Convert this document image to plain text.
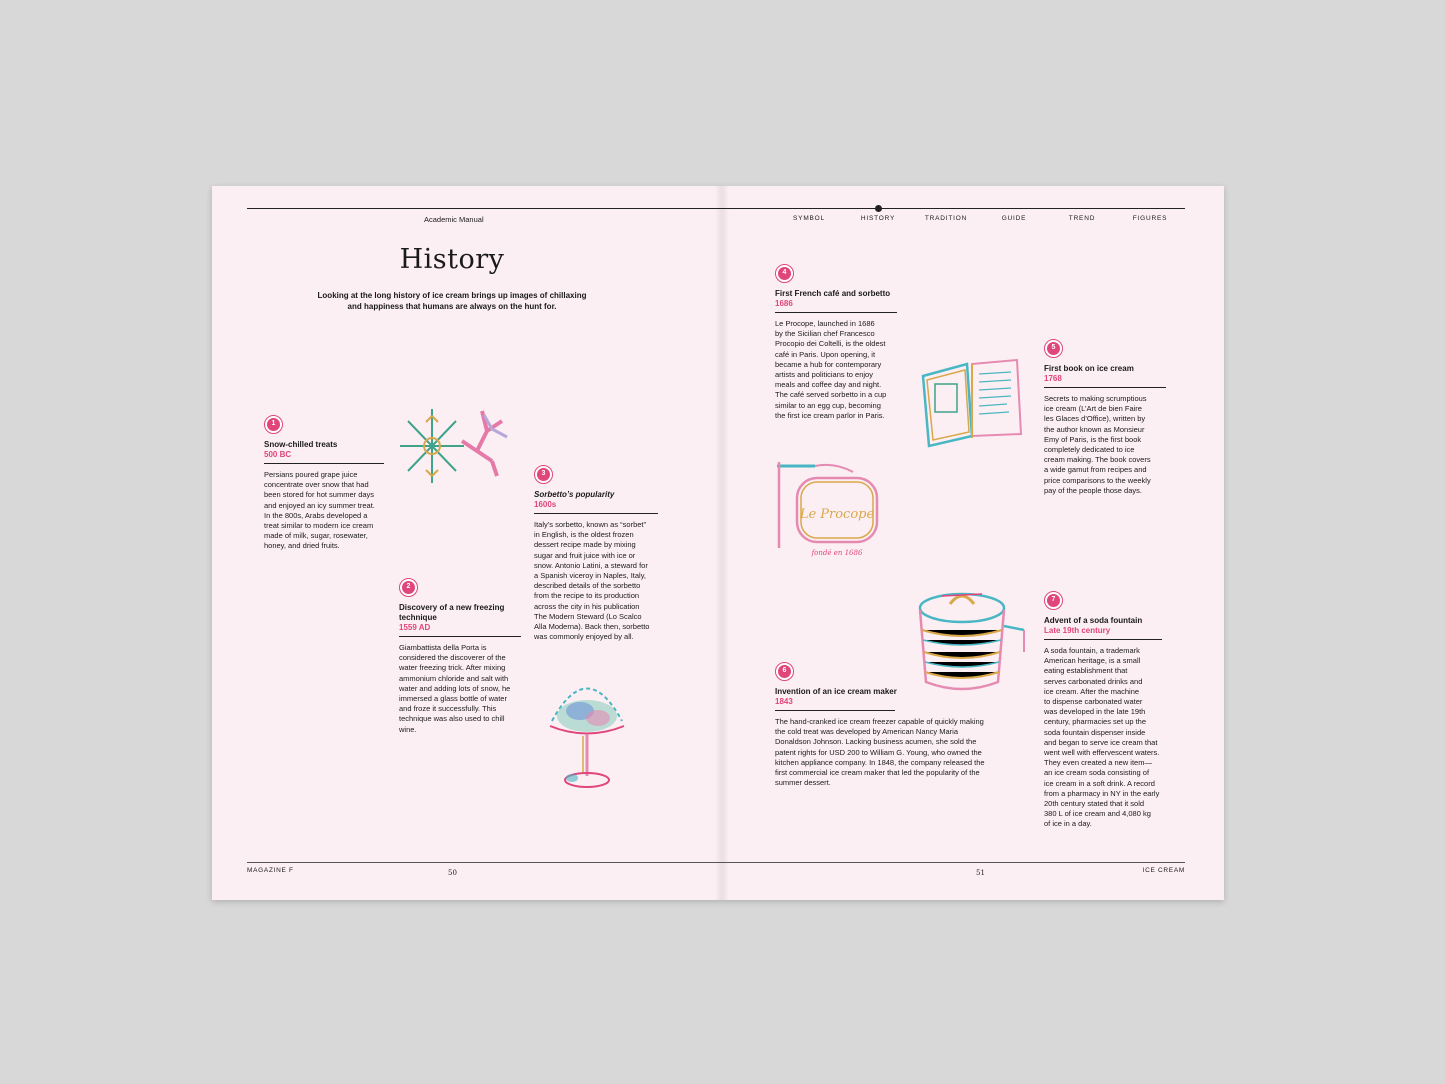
Academic Manual	SYMBOL	HISTORY	TRADITION	GUIDE	TREND	FIGURES
History
Looking at the long history of ice cream brings up images of chillaxing
and happiness that humans are always on the hunt for.
1
Snow-chilled treats
500 BC
Persians poured grape juice
concentrate over snow that had
been stored for hot summer days
and enjoyed an icy summer treat.
In the 800s, Arabs developed a
treat similar to modern ice cream
made of milk, sugar, rosewater,
honey, and dried fruits.
2
Discovery of a new freezing technique
1559 AD
Giambattista della Porta is
considered the discoverer of the
water freezing trick. After mixing
ammonium chloride and salt with
water and adding lots of snow, he
immersed a glass bottle of water
and froze it successfully. This
technique was also used to chill
wine.
3
Sorbetto’s popularity
1600s
Italy’s sorbetto, known as “sorbet”
in English, is the oldest frozen
dessert recipe made by mixing
sugar and fruit juice with ice or
snow. Antonio Latini, a steward for
a Spanish viceroy in Naples, Italy,
described details of the sorbetto
from the recipe to its production
across the city in his publication
The Modern Steward (Lo Scalco
Alla Moderna). Back then, sorbetto
was commonly enjoyed by all.
4
First French café and sorbetto
1686
Le Procope, launched in 1686
by the Sicilian chef Francesco
Procopio dei Coltelli, is the oldest
café in Paris. Upon opening, it
became a hub for contemporary
artists and politicians to enjoy
meals and coffee day and night.
The café served sorbetto in a cup
similar to an egg cup, becoming
the first ice cream parlor in Paris.
5
First book on ice cream
1768
Secrets to making scrumptious
ice cream (L’Art de bien Faire
les Glaces d’Office), written by
the author known as Monsieur
Emy of Paris, is the first book
completely dedicated to ice
cream making. The book covers
a wide gamut from recipes and
price comparisons to the weekly
pay of the people those days.
6
Invention of an ice cream maker
1843
The hand-cranked ice cream freezer capable of quickly making
the cold treat was developed by American Nancy Maria
Donaldson Johnson. Lacking business acumen, she sold the
patent rights for USD 200 to William G. Young, who owned the
kitchen appliance company. In 1848, the company released the
first commercial ice cream maker that led the popularity of the
summer dessert.
7
Advent of a soda fountain
Late 19th century
A soda fountain, a trademark
American heritage, is a small
eating establishment that
serves carbonated drinks and
ice cream. After the machine
to dispense carbonated water
was developed in the late 19th
century, pharmacies set up the
soda fountain dispenser inside
and began to serve ice cream that
went well with effervescent waters.
They even created a new item—
an ice cream soda consisting of
ice cream in a soft drink. A record
from a pharmacy in NY in the early
20th century stated that it sold
380 L of ice cream and 4,080 kg
of ice in a day.
Le Procope
fondé en 1686
MAGAZINE F	50	51	ICE CREAM
